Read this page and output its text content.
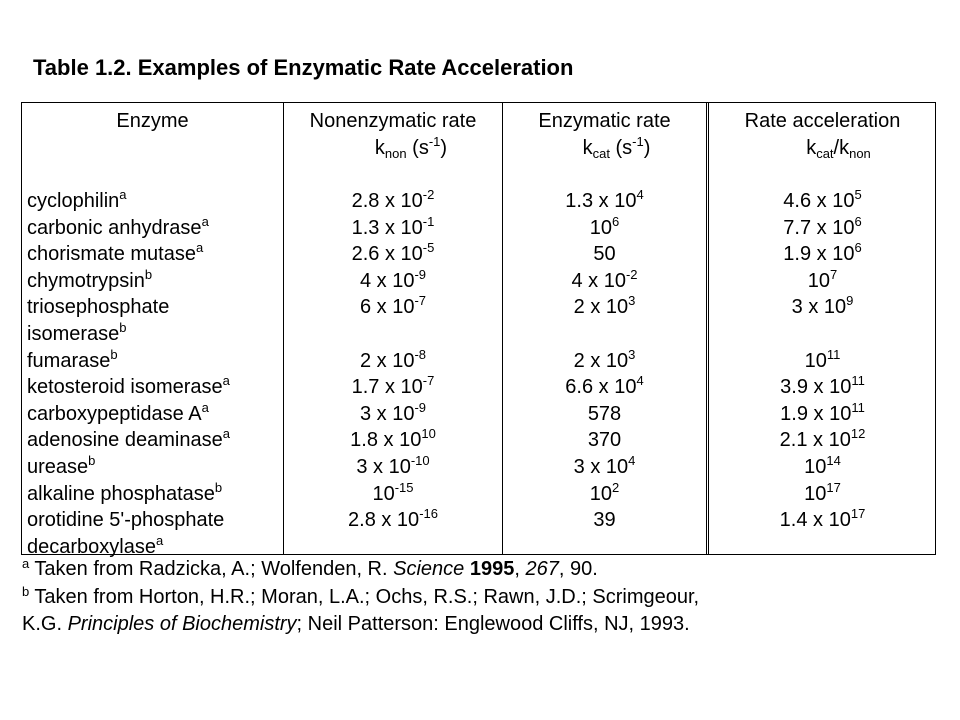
Table 1.2. Examples of Enzymatic Rate Acceleration
Enzyme	Nonenzymatic rate
$k_{non}$ $(s^{-1})$
Enzymatic rate
$k_{cat}$ $(s^{-1})$
Rate acceleration
$k_{cat}/k_{non}$
cyclophilin$^a$
carbonic anhydrase$^a$
chorismate mutase$^a$
chymotrypsin$^b$
triosephosphate
isomerase$^b$
fumarase$^b$
ketosteroid isomerase$^a$
carboxypeptidase $A^a$
adenosine deaminase$^a$
urease$^b$
alkaline phosphatase$^b$
orotidine 5'-phosphate
decarboxylase$^a$
2.8 x $10^{-2}$
1.3 x $10^{-1}$
2.6 x $10^{-5}$
4 x $10^{-9}$
6 x $10^{-7}$
2 x $10^{-8}$
1.7 x $10^{-7}$
3 x $10^{-9}$
1.8 x $10^{10}$
3 x $10^{-10}$
$10^{-15}$
2.8 x $10^{-16}$
1.3 x $10^4$
$10^6$
50
4 x $10^{-2}$
2 x $10^3$
2 x $10^3$
6.6 x $10^4$
578
370
3 x $10^4$
$10^2$
39
4.6 x $10^5$
7.7 x $10^6$
1.9 x $10^6$
$10^7$
3 x $10^9$
$10^{11}$
3.9 x $10^{11}$
1.9 x $10^{11}$
2.1 x $10^{12}$
$10^{14}$
$10^{17}$
1.4 x $10^{17}$
$^a$ Taken from Radzicka, A.; Wolfenden, R. Science 1995, 267, 90.
$^b$ Taken from Horton, H.R.; Moran, L.A.; Ochs, R.S.; Rawn, J.D.; Scrimgeour,
K.G. Principles of Biochemistry; Neil Patterson: Englewood Cliffs, NJ, 1993.
